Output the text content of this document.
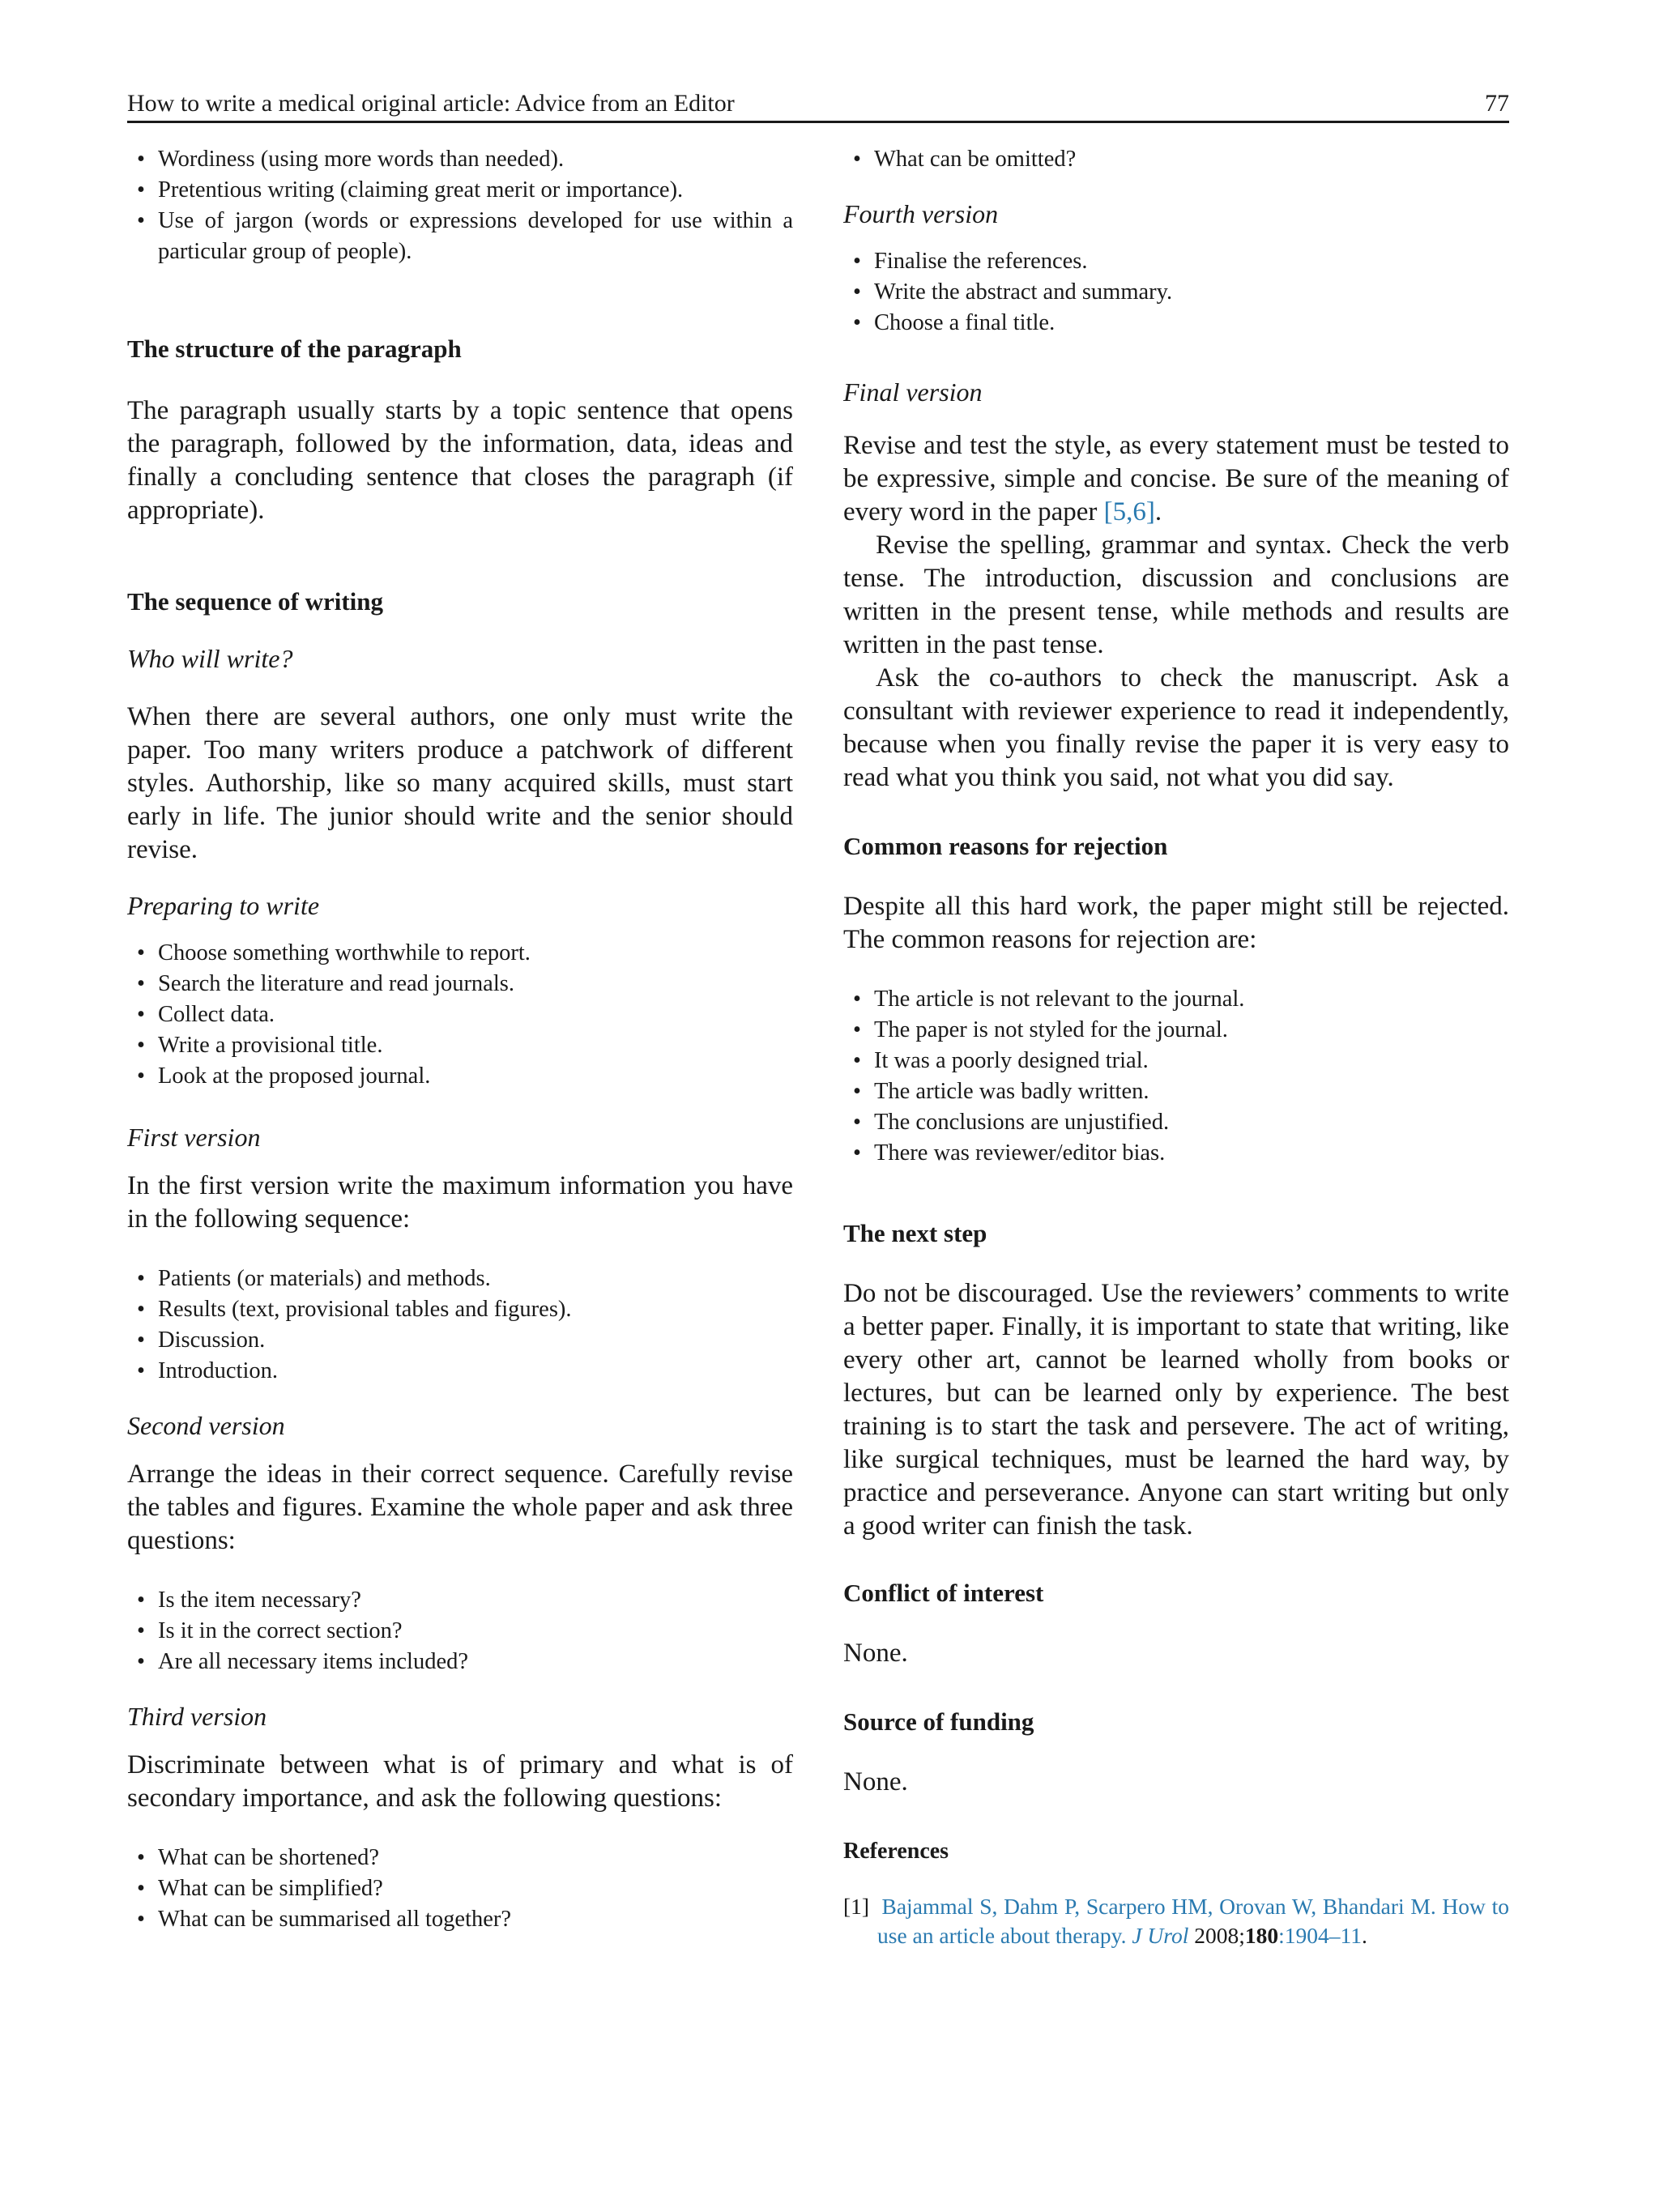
How to write a medical original article: Advice from an Editor	77
• Wordiness (using more words than needed).
• Pretentious writing (claiming great merit or importance).
• Use of jargon (words or expressions developed for use within a particular group of people).
The structure of the paragraph

The paragraph usually starts by a topic sentence that opens the paragraph, followed by the information, data, ideas and finally a concluding sentence that closes the paragraph (if appropriate).

The sequence of writing
Who will write?

When there are several authors, one only must write the paper. Too many writers produce a patchwork of different styles. Authorship, like so many acquired skills, must start early in life. The junior should write and the senior should revise.

Preparing to write
• Choose something worthwhile to report.
• Search the literature and read journals.
• Collect data.
• Write a provisional title.
• Look at the proposed journal.
First version

In the first version write the maximum information you have in the following sequence:

• Patients (or materials) and methods.
• Results (text, provisional tables and figures).
• Discussion.
• Introduction.
Second version

Arrange the ideas in their correct sequence. Carefully revise the tables and figures. Examine the whole paper and ask three questions:

• Is the item necessary?
• Is it in the correct section?
• Are all necessary items included?
Third version

Discriminate between what is of primary and what is of secondary importance, and ask the following questions:

• What can be shortened?
• What can be simplified?
• What can be summarised all together?
• What can be omitted?
Fourth version
• Finalise the references.
• Write the abstract and summary.
• Choose a final title.
Final version

Revise and test the style, as every statement must be tested to be expressive, simple and concise. Be sure of the meaning of every word in the paper [5,6].

Revise the spelling, grammar and syntax. Check the verb tense. The introduction, discussion and conclusions are written in the present tense, while methods and results are written in the past tense.

Ask the co-authors to check the manuscript. Ask a consultant with reviewer experience to read it independently, because when you finally revise the paper it is very easy to read what you think you said, not what you did say.

Common reasons for rejection

Despite all this hard work, the paper might still be rejected. The common reasons for rejection are:

• The article is not relevant to the journal.
• The paper is not styled for the journal.
• It was a poorly designed trial.
• The article was badly written.
• The conclusions are unjustified.
• There was reviewer/editor bias.
The next step

Do not be discouraged. Use the reviewers’ comments to write a better paper. Finally, it is important to state that writing, like every other art, cannot be learned wholly from books or lectures, but can be learned only by experience. The best training is to start the task and persevere. The act of writing, like surgical techniques, must be learned the hard way, by practice and perseverance. Anyone can start writing but only a good writer can finish the task.

Conflict of interest

None.

Source of funding

None.

References
[1] Bajammal S, Dahm P, Scarpero HM, Orovan W, Bhandari M. How to use an article about therapy. J Urol 2008;180:1904–11.
